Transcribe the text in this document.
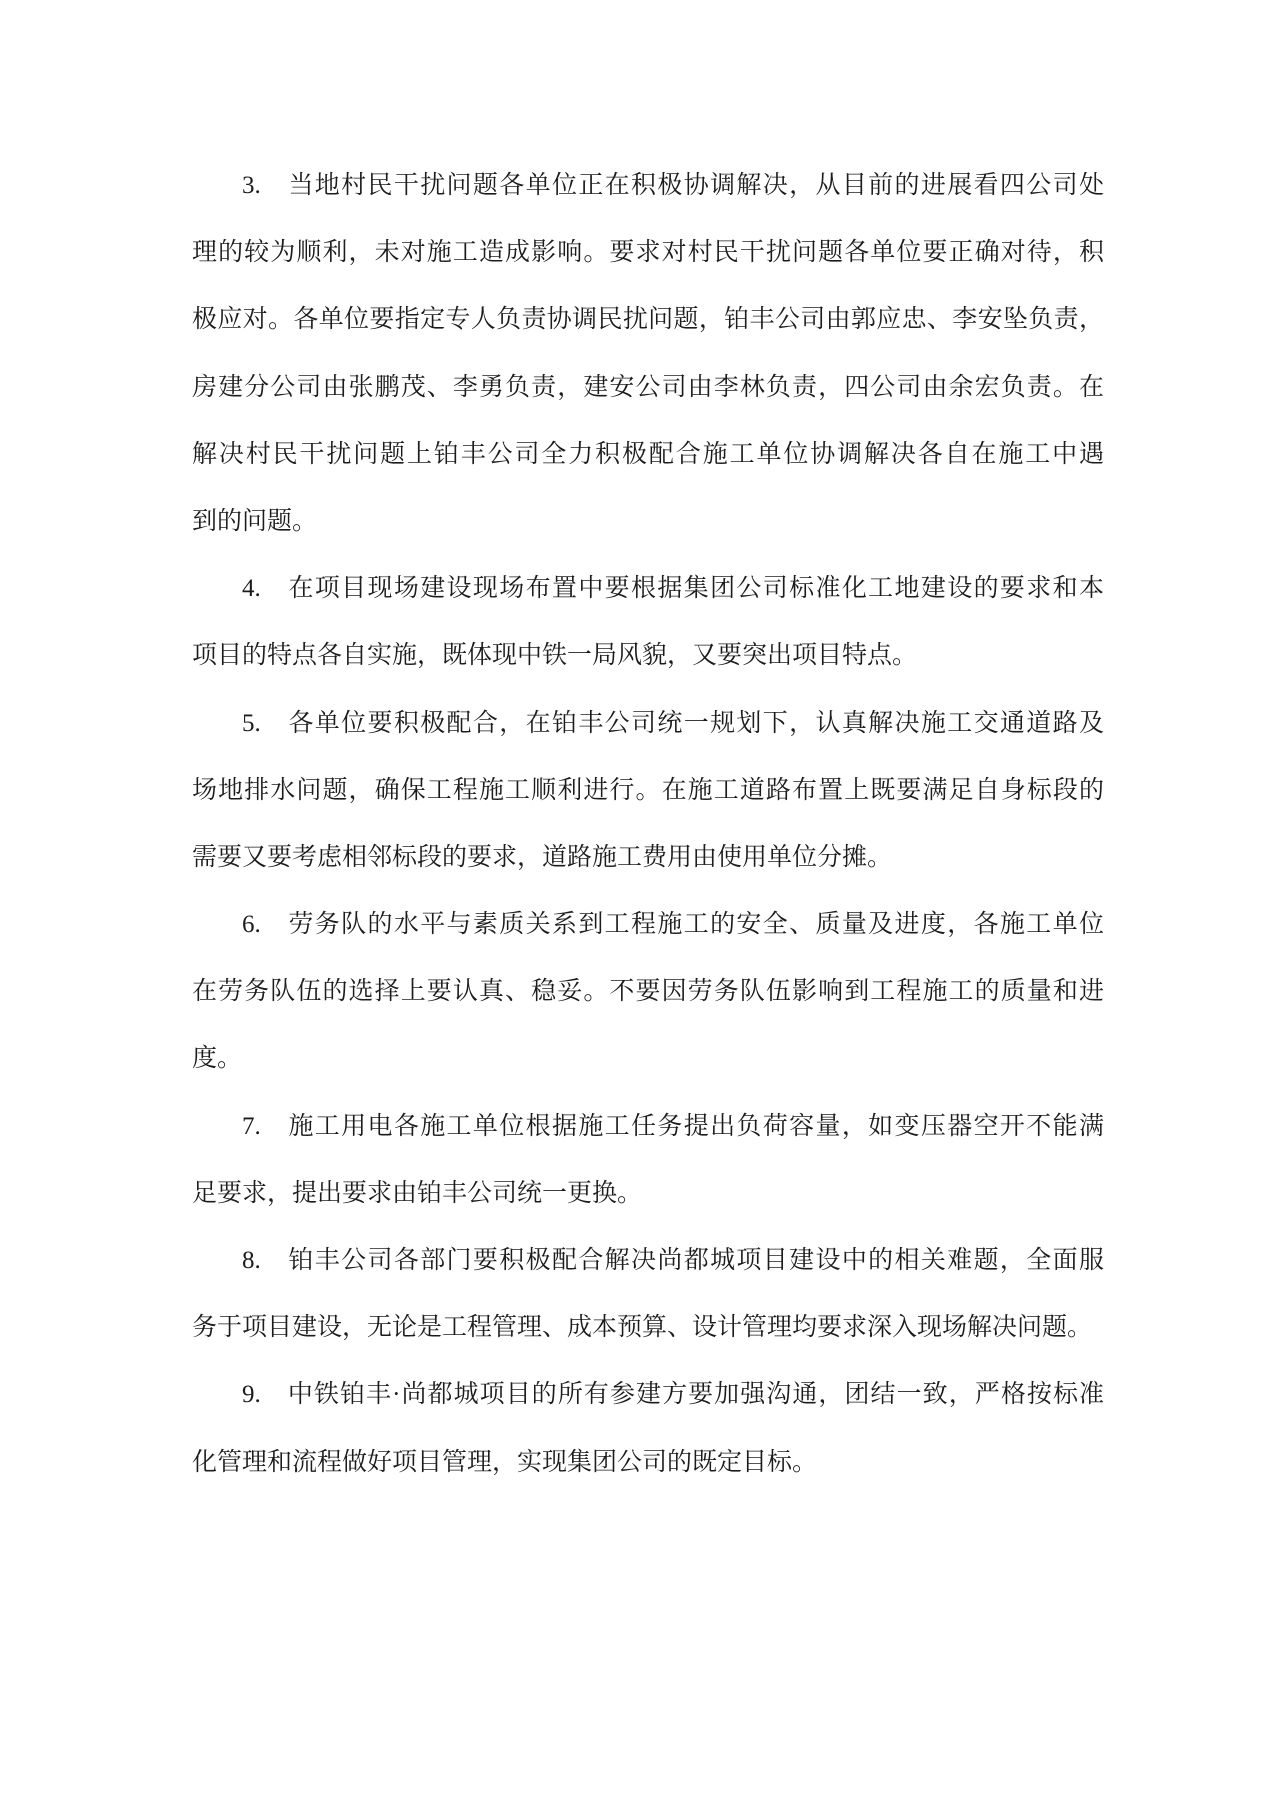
3.　当地村民干扰问题各单位正在积极协调解决，从目前的进展看四公司处
理的较为顺利，未对施工造成影响。要求对村民干扰问题各单位要正确对待，积
极应对。各单位要指定专人负责协调民扰问题，铂丰公司由郭应忠、李安坠负责，
房建分公司由张鹏茂、李勇负责，建安公司由李林负责，四公司由余宏负责。在
解决村民干扰问题上铂丰公司全力积极配合施工单位协调解决各自在施工中遇
到的问题。
4.　在项目现场建设现场布置中要根据集团公司标准化工地建设的要求和本
项目的特点各自实施，既体现中铁一局风貌，又要突出项目特点。
5.　各单位要积极配合，在铂丰公司统一规划下，认真解决施工交通道路及
场地排水问题，确保工程施工顺利进行。在施工道路布置上既要满足自身标段的
需要又要考虑相邻标段的要求，道路施工费用由使用单位分摊。
6.　劳务队的水平与素质关系到工程施工的安全、质量及进度，各施工单位
在劳务队伍的选择上要认真、稳妥。不要因劳务队伍影响到工程施工的质量和进
度。
7.　施工用电各施工单位根据施工任务提出负荷容量，如变压器空开不能满
足要求，提出要求由铂丰公司统一更换。
8.　铂丰公司各部门要积极配合解决尚都城项目建设中的相关难题，全面服
务于项目建设，无论是工程管理、成本预算、设计管理均要求深入现场解决问题。
9.　中铁铂丰·尚都城项目的所有参建方要加强沟通，团结一致，严格按标准
化管理和流程做好项目管理，实现集团公司的既定目标。
